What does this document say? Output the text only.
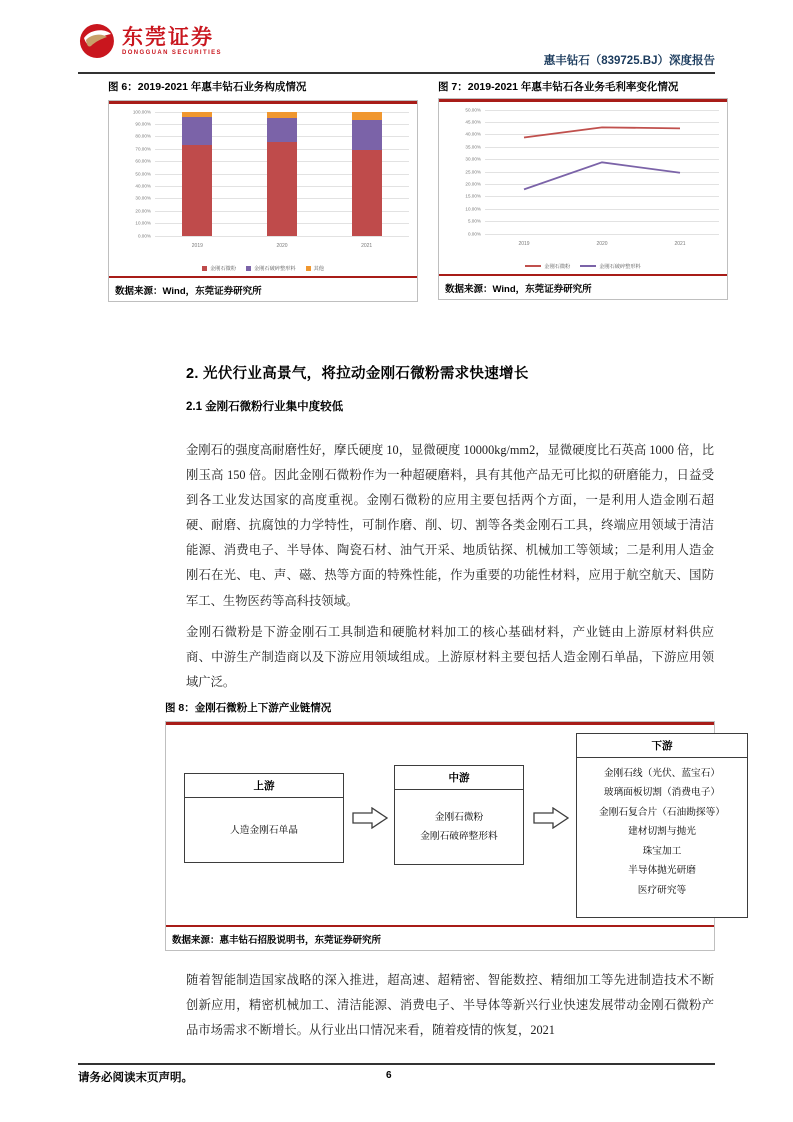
东莞证券
DONGGUAN SECURITIES
惠丰钻石（839725.BJ）深度报告
图 6：2019-2021 年惠丰钻石业务构成情况
0.00%
10.00%
20.00%
30.00%
40.00%
50.00%
60.00%
70.00%
80.00%
90.00%
100.00%
2019	2020	2021
金刚石微粉	金刚石破碎整形料	其他
数据来源：Wind，东莞证券研究所
图 7：2019-2021 年惠丰钻石各业务毛利率变化情况
0.00%
5.00%
10.00%
15.00%
20.00%
25.00%
30.00%
35.00%
40.00%
45.00%
50.00%
2019	2020	2021
金刚石微粉	金刚石破碎整形料
数据来源：Wind，东莞证券研究所
2. 光伏行业高景气，将拉动金刚石微粉需求快速增长
2.1 金刚石微粉行业集中度较低
金刚石的强度高耐磨性好，摩氏硬度 10，显微硬度 10000kg/mm2，显微硬度比石英高 1000 倍，比刚玉高 150 倍。因此金刚石微粉作为一种超硬磨料，具有其他产品无可比拟的研磨能力，日益受到各工业发达国家的高度重视。金刚石微粉的应用主要包括两个方面，一是利用人造金刚石超硬、耐磨、抗腐蚀的力学特性，可制作磨、削、切、割等各类金刚石工具，终端应用领域于清洁能源、消费电子、半导体、陶瓷石材、油气开采、地质钻探、机械加工等领域；二是利用人造金刚石在光、电、声、磁、热等方面的特殊性能，作为重要的功能性材料，应用于航空航天、国防军工、生物医药等高科技领域。
金刚石微粉是下游金刚石工具制造和硬脆材料加工的核心基础材料，产业链由上游原材料供应商、中游生产制造商以及下游应用领域组成。上游原材料主要包括人造金刚石单晶，下游应用领域广泛。
图 8：金刚石微粉上下游产业链情况
上游
人造金刚石单晶
中游
金刚石微粉
金刚石破碎整形料
下游
金刚石线（光伏、蓝宝石）
玻璃面板切割（消费电子）
金刚石复合片（石油勘探等）
建材切割与抛光
珠宝加工
半导体抛光研磨
医疗研究等
数据来源：惠丰钻石招股说明书，东莞证券研究所
随着智能制造国家战略的深入推进，超高速、超精密、智能数控、精细加工等先进制造技术不断创新应用，精密机械加工、清洁能源、消费电子、半导体等新兴行业快速发展带动金刚石微粉产品市场需求不断增长。从行业出口情况来看，随着疫情的恢复，2021
请务必阅读末页声明。	6
